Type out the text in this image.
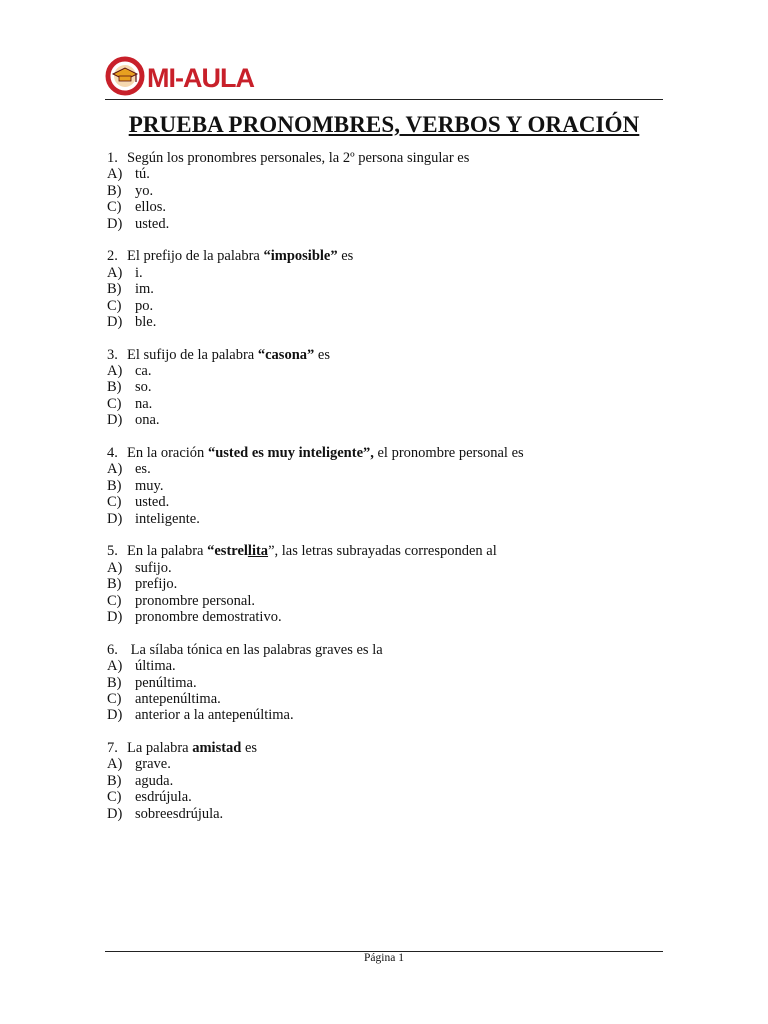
MI-AULA
PRUEBA PRONOMBRES, VERBOS Y ORACIÓN
1. Según los pronombres personales, la 2º persona singular es
A) tú.
B) yo.
C) ellos.
D) usted.
2. El prefijo de la palabra “imposible” es
A) i.
B) im.
C) po.
D) ble.
3. El sufijo de la palabra “casona” es
A) ca.
B) so.
C) na.
D) ona.
4. En la oración “usted es muy inteligente”, el pronombre personal es
A) es.
B) muy.
C) usted.
D) inteligente.
5. En la palabra “estrellita”, las letras subrayadas corresponden al
A) sufijo.
B) prefijo.
C) pronombre personal.
D) pronombre demostrativo.
6. La sílaba tónica en las palabras graves es la
A) última.
B) penúltima.
C) antepenúltima.
D) anterior a la antepenúltima.
7. La palabra amistad es
A) grave.
B) aguda.
C) esdrújula.
D) sobreesdrújula.
Página 1
